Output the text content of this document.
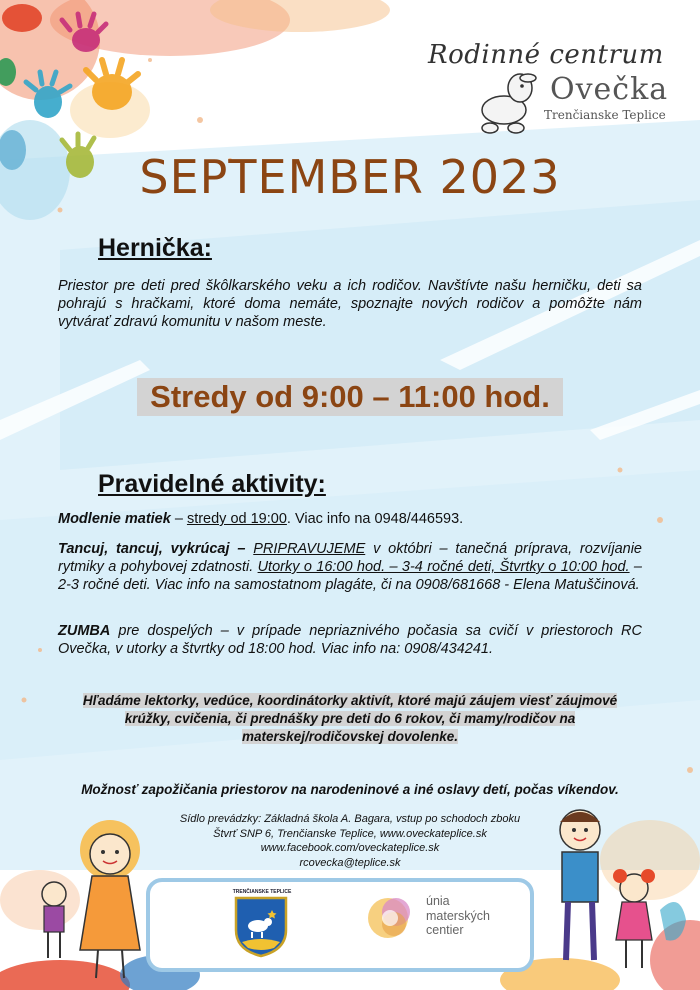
Rodinné centrum
Ovečka
Trenčianske Teplice
SEPTEMBER 2023
Hernička:
Priestor pre deti pred škôlkarského veku a ich rodičov. Navštívte našu herničku, deti sa pohrajú s hračkami, ktoré doma nemáte, spoznajte nových rodičov a pomôžte nám vytvárať zdravú komunitu v našom meste.
Stredy od 9:00 – 11:00 hod.
Pravidelné aktivity:
Modlenie matiek – stredy od 19:00. Viac info na 0948/446593.
Tancuj, tancuj, vykrúcaj – PRIPRAVUJEME v októbri – tanečná príprava, rozvíjanie rytmiky a pohybovej zdatnosti. Utorky o 16:00 hod. – 3-4 ročné deti, Štvrtky o 10:00 hod. – 2-3 ročné deti. Viac info na samostatnom plagáte, či na 0908/681668 - Elena Matuščinová.
ZUMBA pre dospelých – v prípade nepriaznivého počasia sa cvičí v priestoroch RC Ovečka, v utorky a štvrtky od 18:00 hod. Viac info na: 0908/434241.
Hľadáme lektorky, vedúce, koordinátorky aktivít, ktoré majú záujem viesť záujmové
krúžky, cvičenia, či prednášky pre deti do 6 rokov, či mamy/rodičov na
materskej/rodičovskej dovolenke.
Možnosť zapožičania priestorov na narodeninové a iné oslavy detí, počas víkendov.
Sídlo prevádzky: Základná škola A. Bagara, vstup po schodoch zboku
Štvrť SNP 6, Trenčianske Teplice, www.oveckateplice.sk
www.facebook.com/oveckateplice.sk
rcovecka@teplice.sk
TRENČIANSKE TEPLICE
únia
materských
centier
